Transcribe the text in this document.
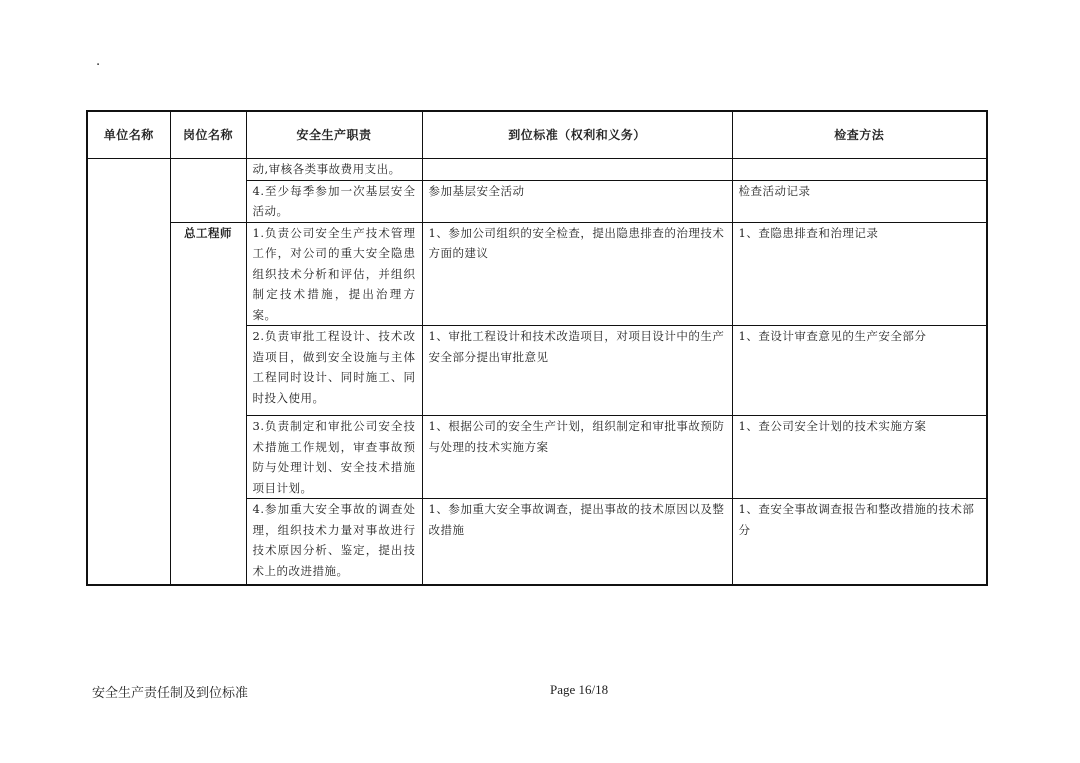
.
单位名称	岗位名称	安全生产职责	到位标准（权利和义务）	检查方法
		动,审核各类事故费用支出。		
		4.至少每季参加一次基层安全活动。	参加基层安全活动	检查活动记录
	总工程师	1.负责公司安全生产技术管理工作，对公司的重大安全隐患组织技术分析和评估，并组织制定技术措施，提出治理方案。	1、参加公司组织的安全检查，提出隐患排查的治理技术方面的建议	1、查隐患排查和治理记录
		2.负责审批工程设计、技术改造项目，做到安全设施与主体工程同时设计、同时施工、同时投入使用。	1、审批工程设计和技术改造项目，对项目设计中的生产安全部分提出审批意见	1、查设计审查意见的生产安全部分
		3.负责制定和审批公司安全技术措施工作规划，审查事故预防与处理计划、安全技术措施项目计划。	1、根据公司的安全生产计划，组织制定和审批事故预防与处理的技术实施方案	1、查公司安全计划的技术实施方案
		4.参加重大安全事故的调查处理，组织技术力量对事故进行技术原因分析、鉴定，提出技术上的改进措施。	1、参加重大安全事故调查，提出事故的技术原因以及整改措施	1、查安全事故调查报告和整改措施的技术部分
安全生产责任制及到位标准	Page 16/18
